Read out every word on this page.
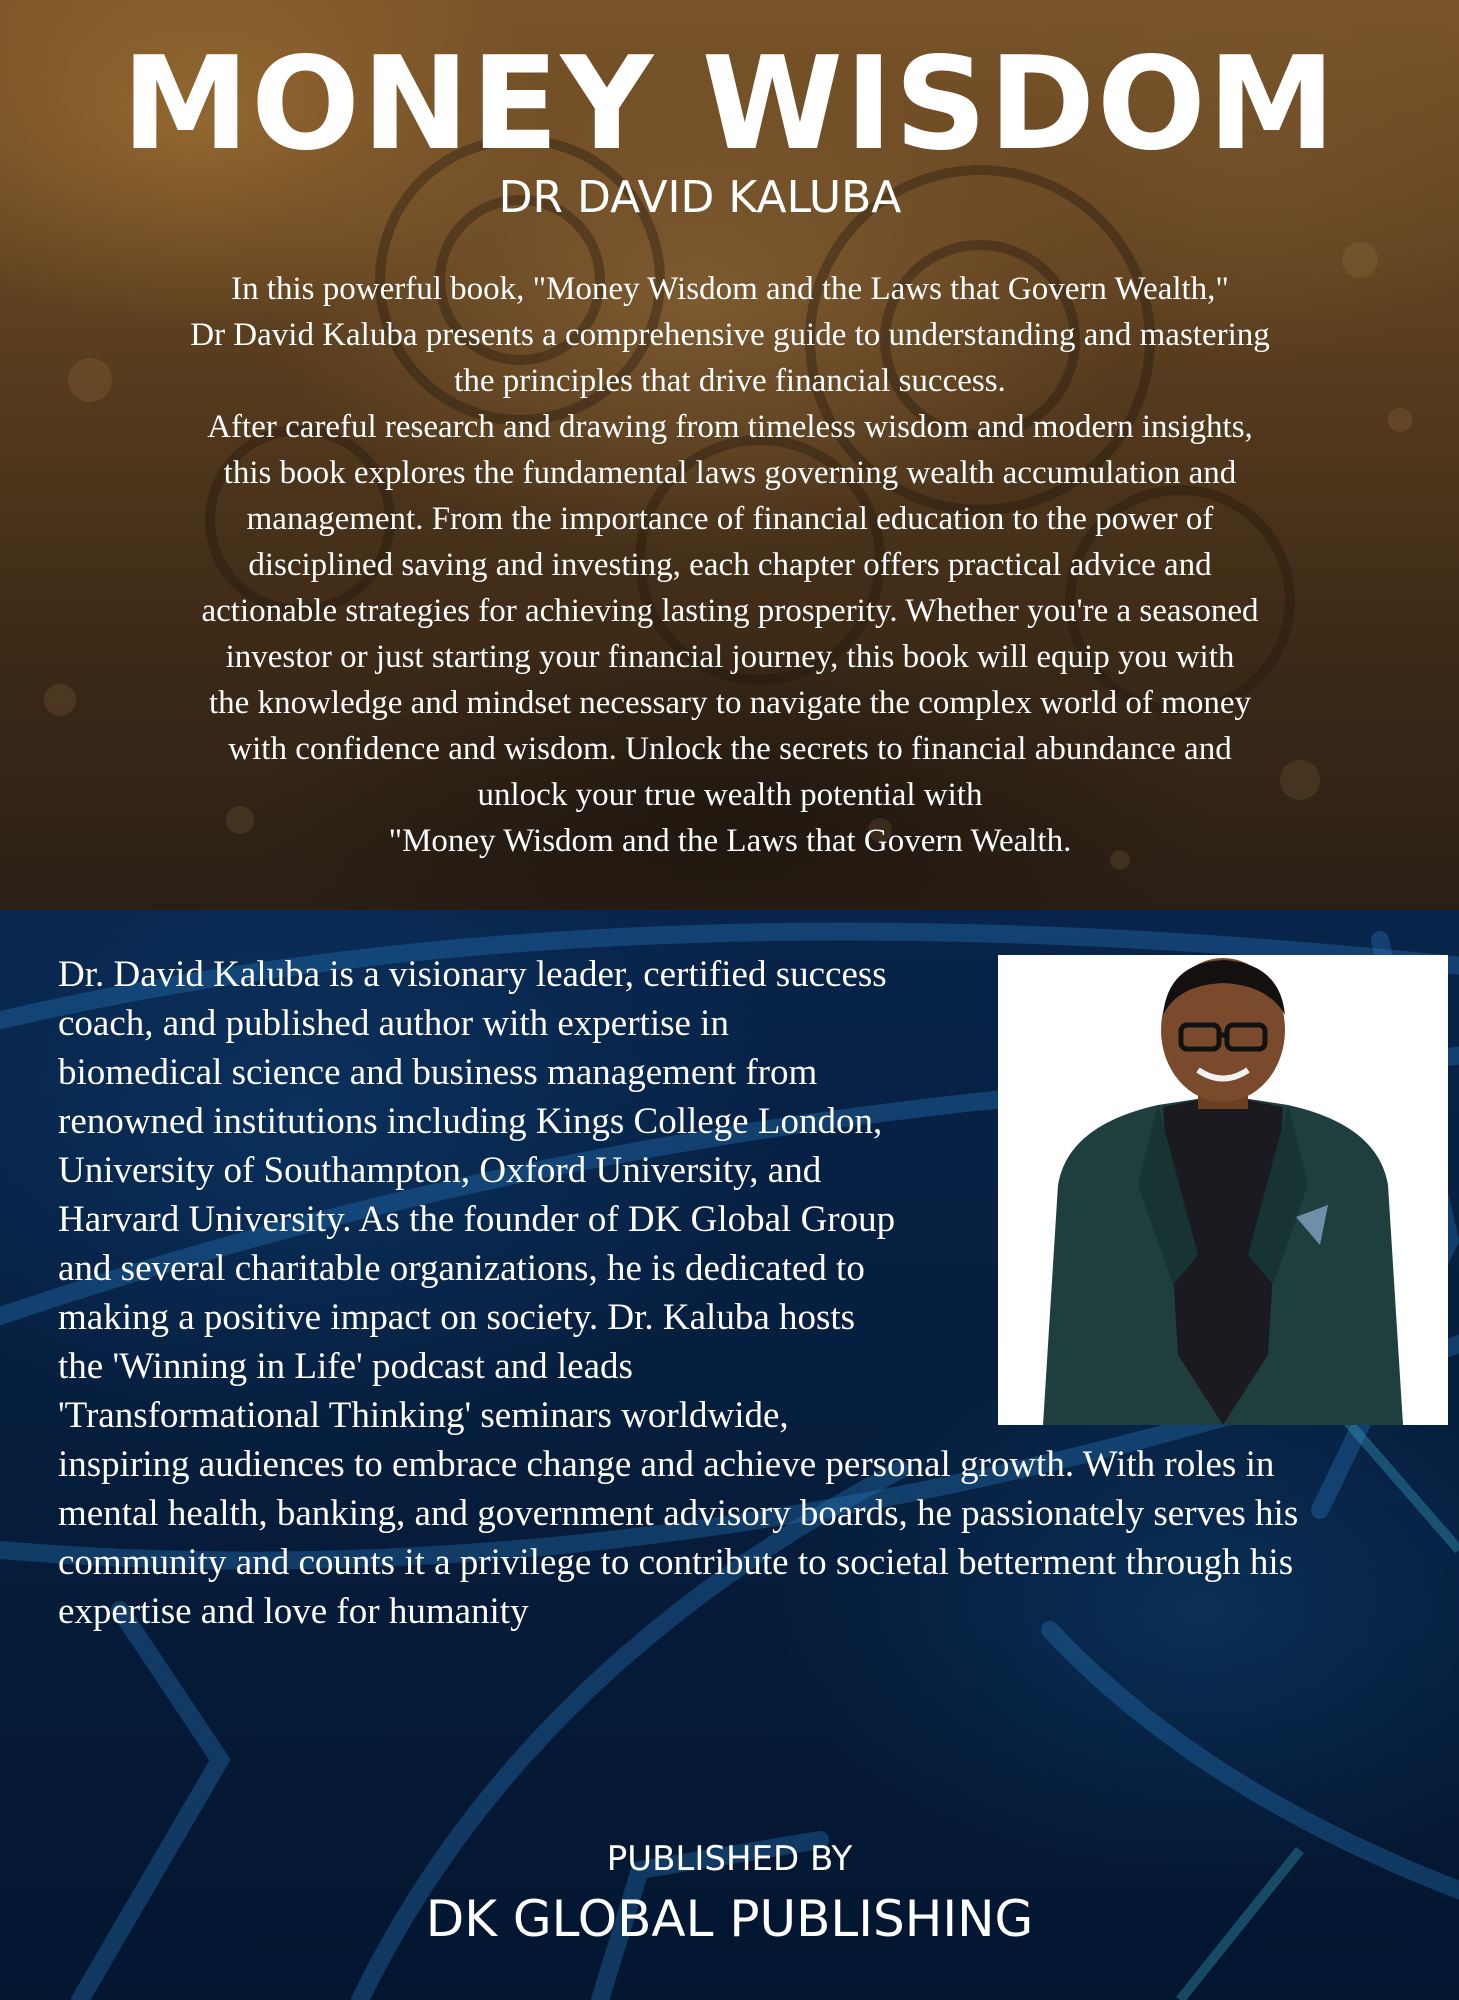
MONEY WISDOM
DR DAVID KALUBA
In this powerful book, "Money Wisdom and the Laws that Govern Wealth,"
Dr David Kaluba presents a comprehensive guide to understanding and mastering
the principles that drive financial success.
After careful research and drawing from timeless wisdom and modern insights,
this book explores the fundamental laws governing wealth accumulation and
management. From the importance of financial education to the power of
disciplined saving and investing, each chapter offers practical advice and
actionable strategies for achieving lasting prosperity. Whether you're a seasoned
investor or just starting your financial journey, this book will equip you with
the knowledge and mindset necessary to navigate the complex world of money
with confidence and wisdom. Unlock the secrets to financial abundance and
unlock your true wealth potential with
"Money Wisdom and the Laws that Govern Wealth.
Dr. David Kaluba is a visionary leader, certified success
coach, and published author with expertise in
biomedical science and business management from
renowned institutions including Kings College London,
University of Southampton, Oxford University, and
Harvard University. As the founder of DK Global Group
and several charitable organizations, he is dedicated to
making a positive impact on society. Dr. Kaluba hosts
the 'Winning in Life' podcast and leads
'Transformational Thinking' seminars worldwide,
inspiring audiences to embrace change and achieve personal growth. With roles in
mental health, banking, and government advisory boards, he passionately serves his
community and counts it a privilege to contribute to societal betterment through his
expertise and love for humanity
PUBLISHED BY
DK GLOBAL PUBLISHING
